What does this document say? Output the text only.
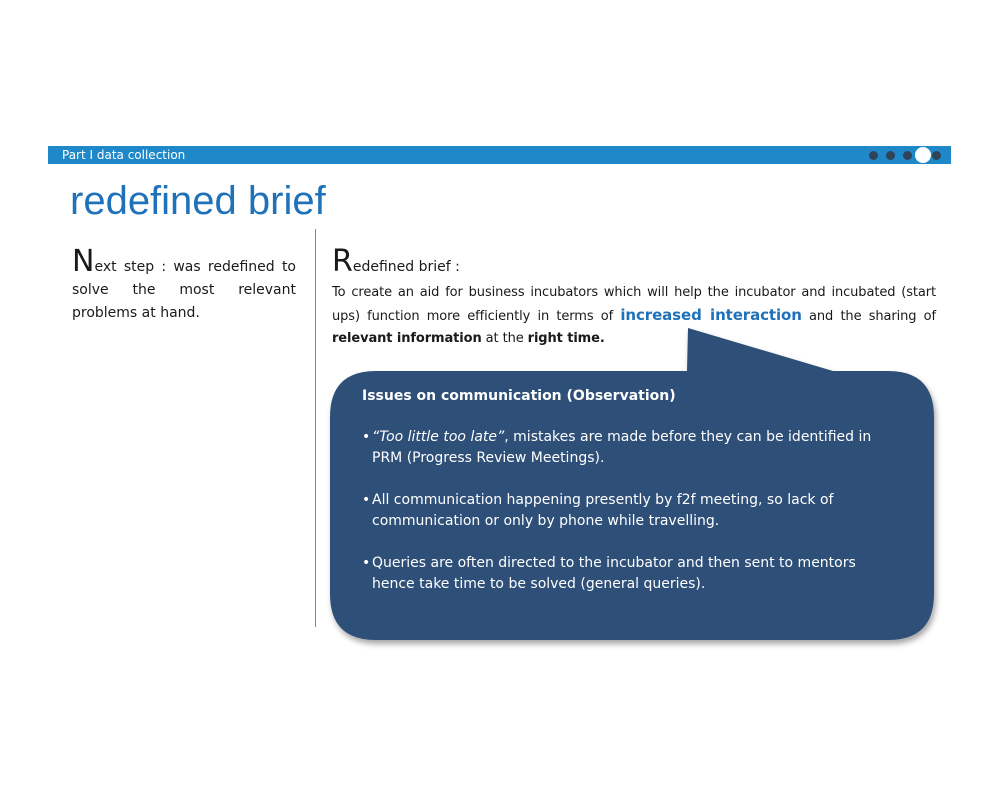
Part I data collection
redefined brief
Next step : was redefined to solve the most relevant problems at hand.
Redefined brief :
To create an aid for business incubators which will help the incubator and incubated (start ups) function more efficiently in terms of increased interaction and the sharing of relevant information at the right time.
Issues on communication (Observation)
• “Too little too late”, mistakes are made before they can be identified in PRM (Progress Review Meetings).
• All communication happening presently by f2f meeting, so lack of communication or only by phone while travelling.
• Queries are often directed to the incubator and then sent to mentors hence take time to be solved (general queries).
